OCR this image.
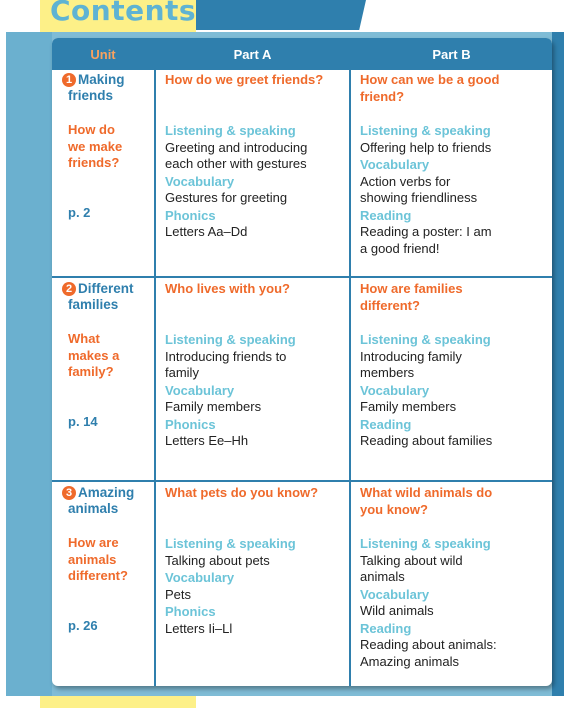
Contents
Unit	Part A	Part B
1 Making
friends
How do
we make
friends?
p. 2
How do we greet friends?
Listening & speaking
Greeting and introducing
each other with gestures
Vocabulary
Gestures for greeting
Phonics
Letters Aa–Dd
How can we be a good
friend?
Listening & speaking
Offering help to friends
Vocabulary
Action verbs for
showing friendliness
Reading
Reading a poster: I am
a good friend!
2 Different
families
What
makes a
family?
p. 14
Who lives with you?
Listening & speaking
Introducing friends to
family
Vocabulary
Family members
Phonics
Letters Ee–Hh
How are families
different?
Listening & speaking
Introducing family
members
Vocabulary
Family members
Reading
Reading about families
3 Amazing
animals
How are
animals
different?
p. 26
What pets do you know?
Listening & speaking
Talking about pets
Vocabulary
Pets
Phonics
Letters Ii–Ll
What wild animals do
you know?
Listening & speaking
Talking about wild
animals
Vocabulary
Wild animals
Reading
Reading about animals:
Amazing animals
